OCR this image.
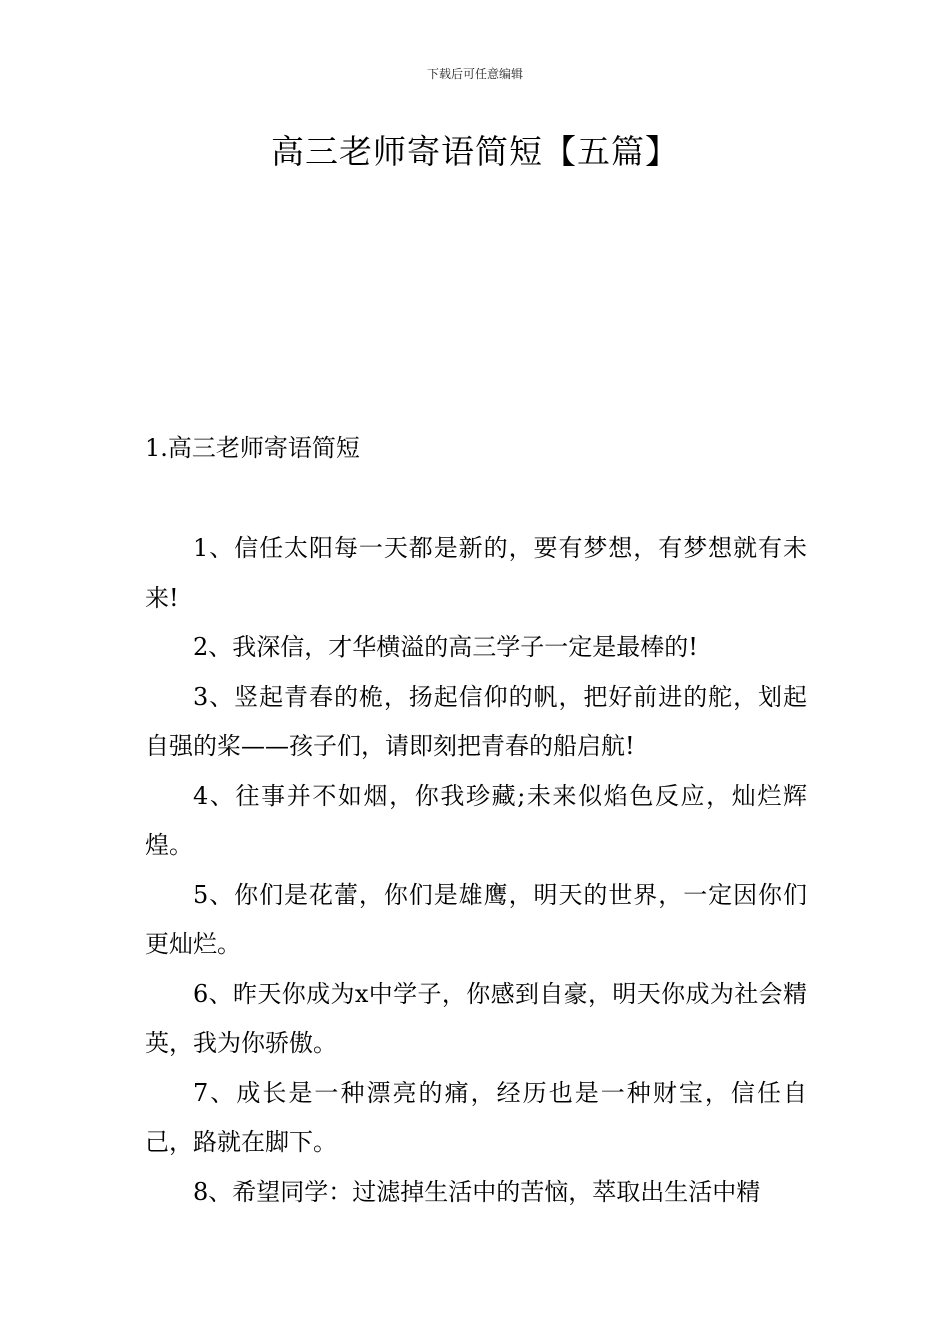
下载后可任意编辑
高三老师寄语简短【五篇】
1.高三老师寄语简短

1、信任太阳每一天都是新的，要有梦想，有梦想就有未来!

2、我深信，才华横溢的高三学子一定是最棒的!

3、竖起青春的桅，扬起信仰的帆，把好前进的舵，划起自强的桨——孩子们，请即刻把青春的船启航!

4、往事并不如烟，你我珍藏;未来似焰色反应，灿烂辉煌。

5、你们是花蕾，你们是雄鹰，明天的世界，一定因你们更灿烂。

6、昨天你成为x中学子，你感到自豪，明天你成为社会精英，我为你骄傲。

7、成长是一种漂亮的痛，经历也是一种财宝，信任自己，路就在脚下。

8、希望同学：过滤掉生活中的苦恼，萃取出生活中精
